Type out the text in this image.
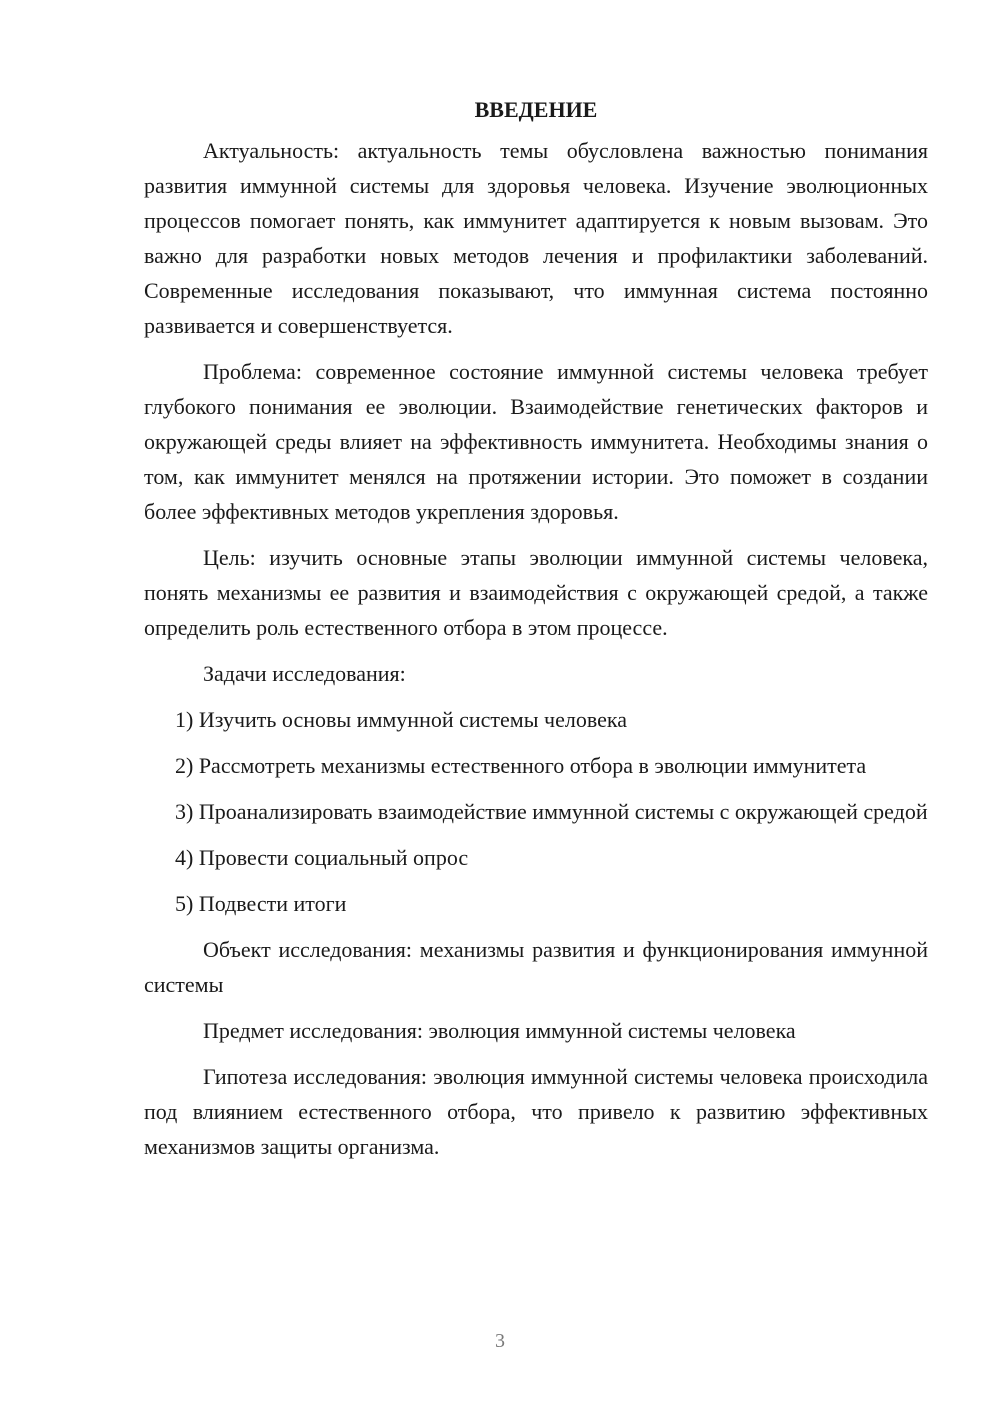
ВВЕДЕНИЕ

Актуальность: актуальность темы обусловлена важностью понимания развития иммунной системы для здоровья человека. Изучение эволюционных процессов помогает понять, как иммунитет адаптируется к новым вызовам. Это важно для разработки новых методов лечения и профилактики заболеваний. Современные исследования показывают, что иммунная система постоянно развивается и совершенствуется.

Проблема: современное состояние иммунной системы человека требует глубокого понимания ее эволюции. Взаимодействие генетических факторов и окружающей среды влияет на эффективность иммунитета. Необходимы знания о том, как иммунитет менялся на протяжении истории. Это поможет в создании более эффективных методов укрепления здоровья.

Цель: изучить основные этапы эволюции иммунной системы человека, понять механизмы ее развития и взаимодействия с окружающей средой, а также определить роль естественного отбора в этом процессе.

Задачи исследования:

1) Изучить основы иммунной системы человека

2) Рассмотреть механизмы естественного отбора в эволюции иммунитета

3) Проанализировать взаимодействие иммунной системы с окружающей средой

4) Провести социальный опрос

5) Подвести итоги

Объект исследования: механизмы развития и функционирования иммунной системы

Предмет исследования: эволюция иммунной системы человека

Гипотеза исследования: эволюция иммунной системы человека происходила под влиянием естественного отбора, что привело к развитию эффективных механизмов защиты организма.

3
